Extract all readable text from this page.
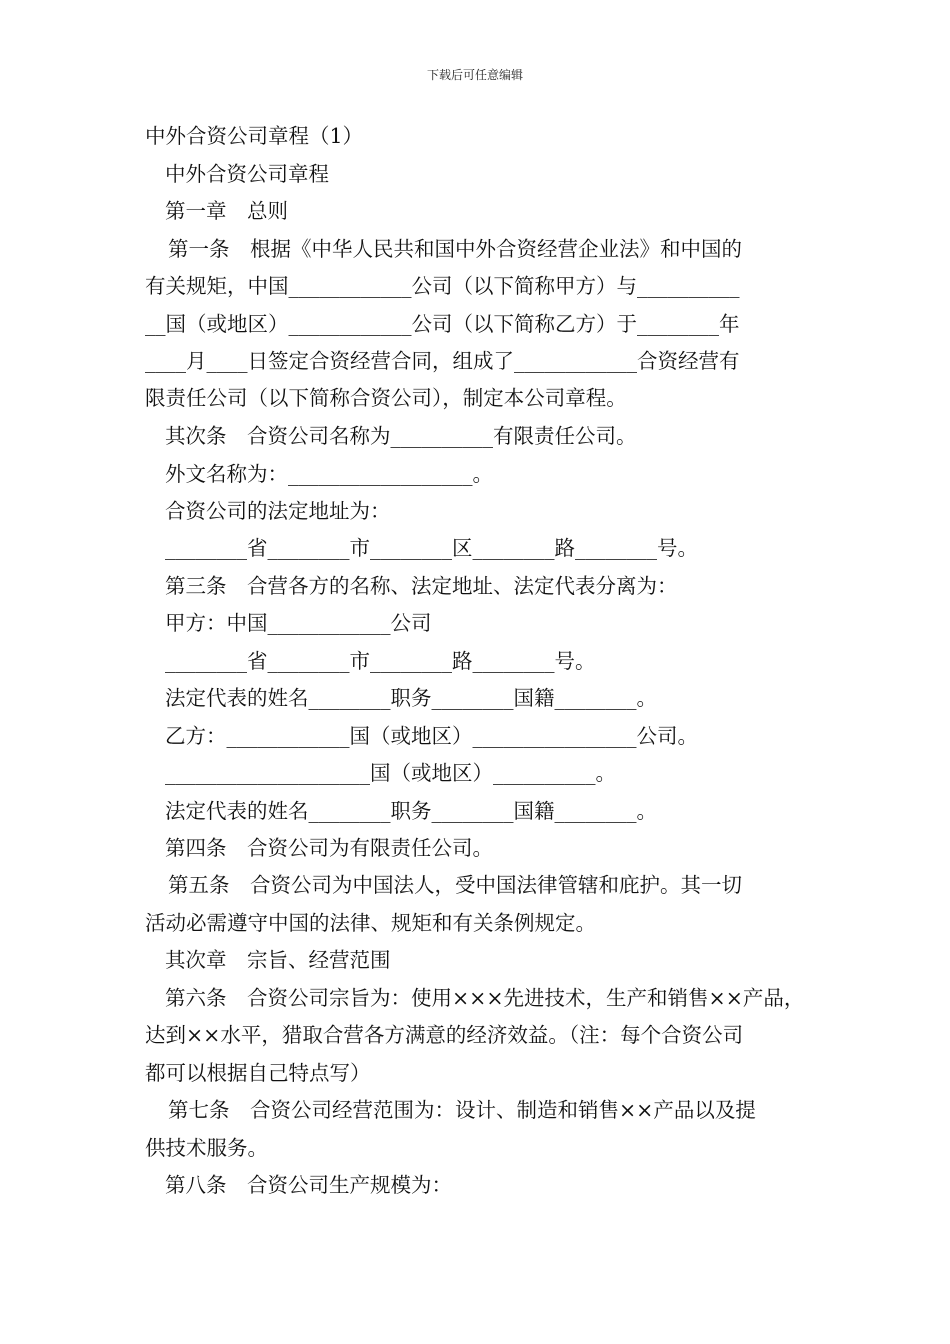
下载后可任意编辑
中外合资公司章程（1）
中外合资公司章程
第一章　总则
第一条　根据《中华人民共和国中外合资经营企业法》和中国的
有关规矩，中国____________公司（以下简称甲方）与__________
__国（或地区）____________公司（以下简称乙方）于________年
____月____日签定合资经营合同，组成了____________合资经营有
限责任公司（以下简称合资公司），制定本公司章程。
其次条　合资公司名称为__________有限责任公司。
外文名称为：__________________。
合资公司的法定地址为：
________省________市________区________路________号。
第三条　合营各方的名称、法定地址、法定代表分离为：
甲方：中国____________公司
________省________市________路________号。
法定代表的姓名________职务________国籍________。
乙方：____________国（或地区）________________公司。
____________________国（或地区）__________。
法定代表的姓名________职务________国籍________。
第四条　合资公司为有限责任公司。
第五条　合资公司为中国法人，受中国法律管辖和庇护。其一切
活动必需遵守中国的法律、规矩和有关条例规定。
其次章　宗旨、经营范围
第六条　合资公司宗旨为：使用×××先进技术，生产和销售××产品，
达到××水平，猎取合营各方满意的经济效益。（注：每个合资公司
都可以根据自己特点写）
第七条　合资公司经营范围为：设计、制造和销售××产品以及提
供技术服务。
第八条　合资公司生产规模为：
